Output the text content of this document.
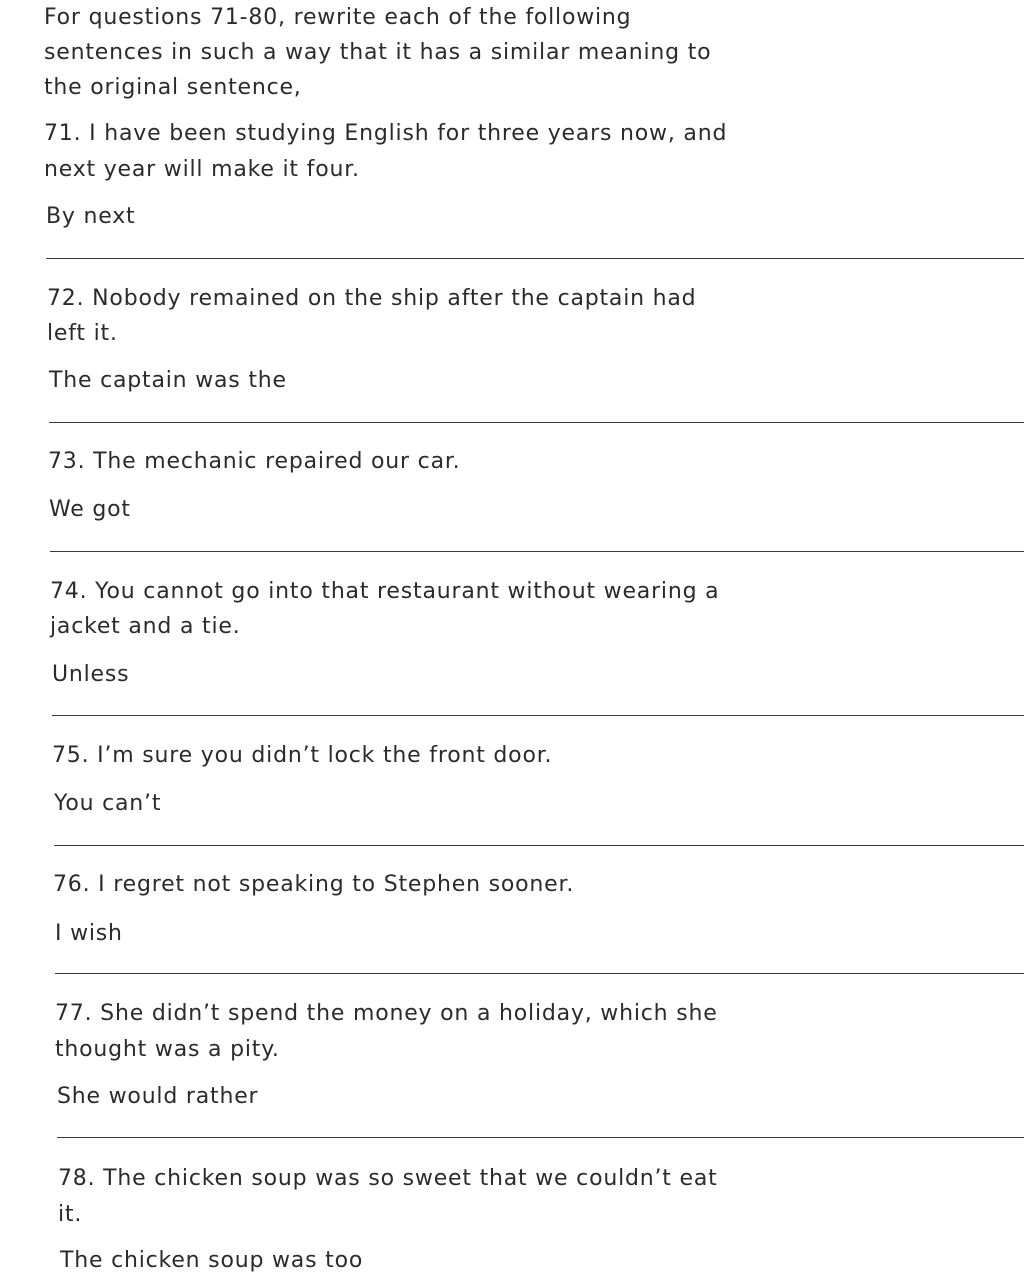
For questions 71-80, rewrite each of the following
sentences in such a way that it has a similar meaning to
the original sentence,

71. I have been studying English for three years now, and

next year will make it four.

By next

72. Nobody remained on the ship after the captain had

left it.

The captain was the

73. The mechanic repaired our car.

We got

74. You cannot go into that restaurant without wearing a

jacket and a tie.

Unless

75. I’m sure you didn’t lock the front door.

You can’t

76. I regret not speaking to Stephen sooner.

I wish

77. She didn’t spend the money on a holiday, which she

thought was a pity.

She would rather

78. The chicken soup was so sweet that we couldn’t eat

it.

The chicken soup was too
